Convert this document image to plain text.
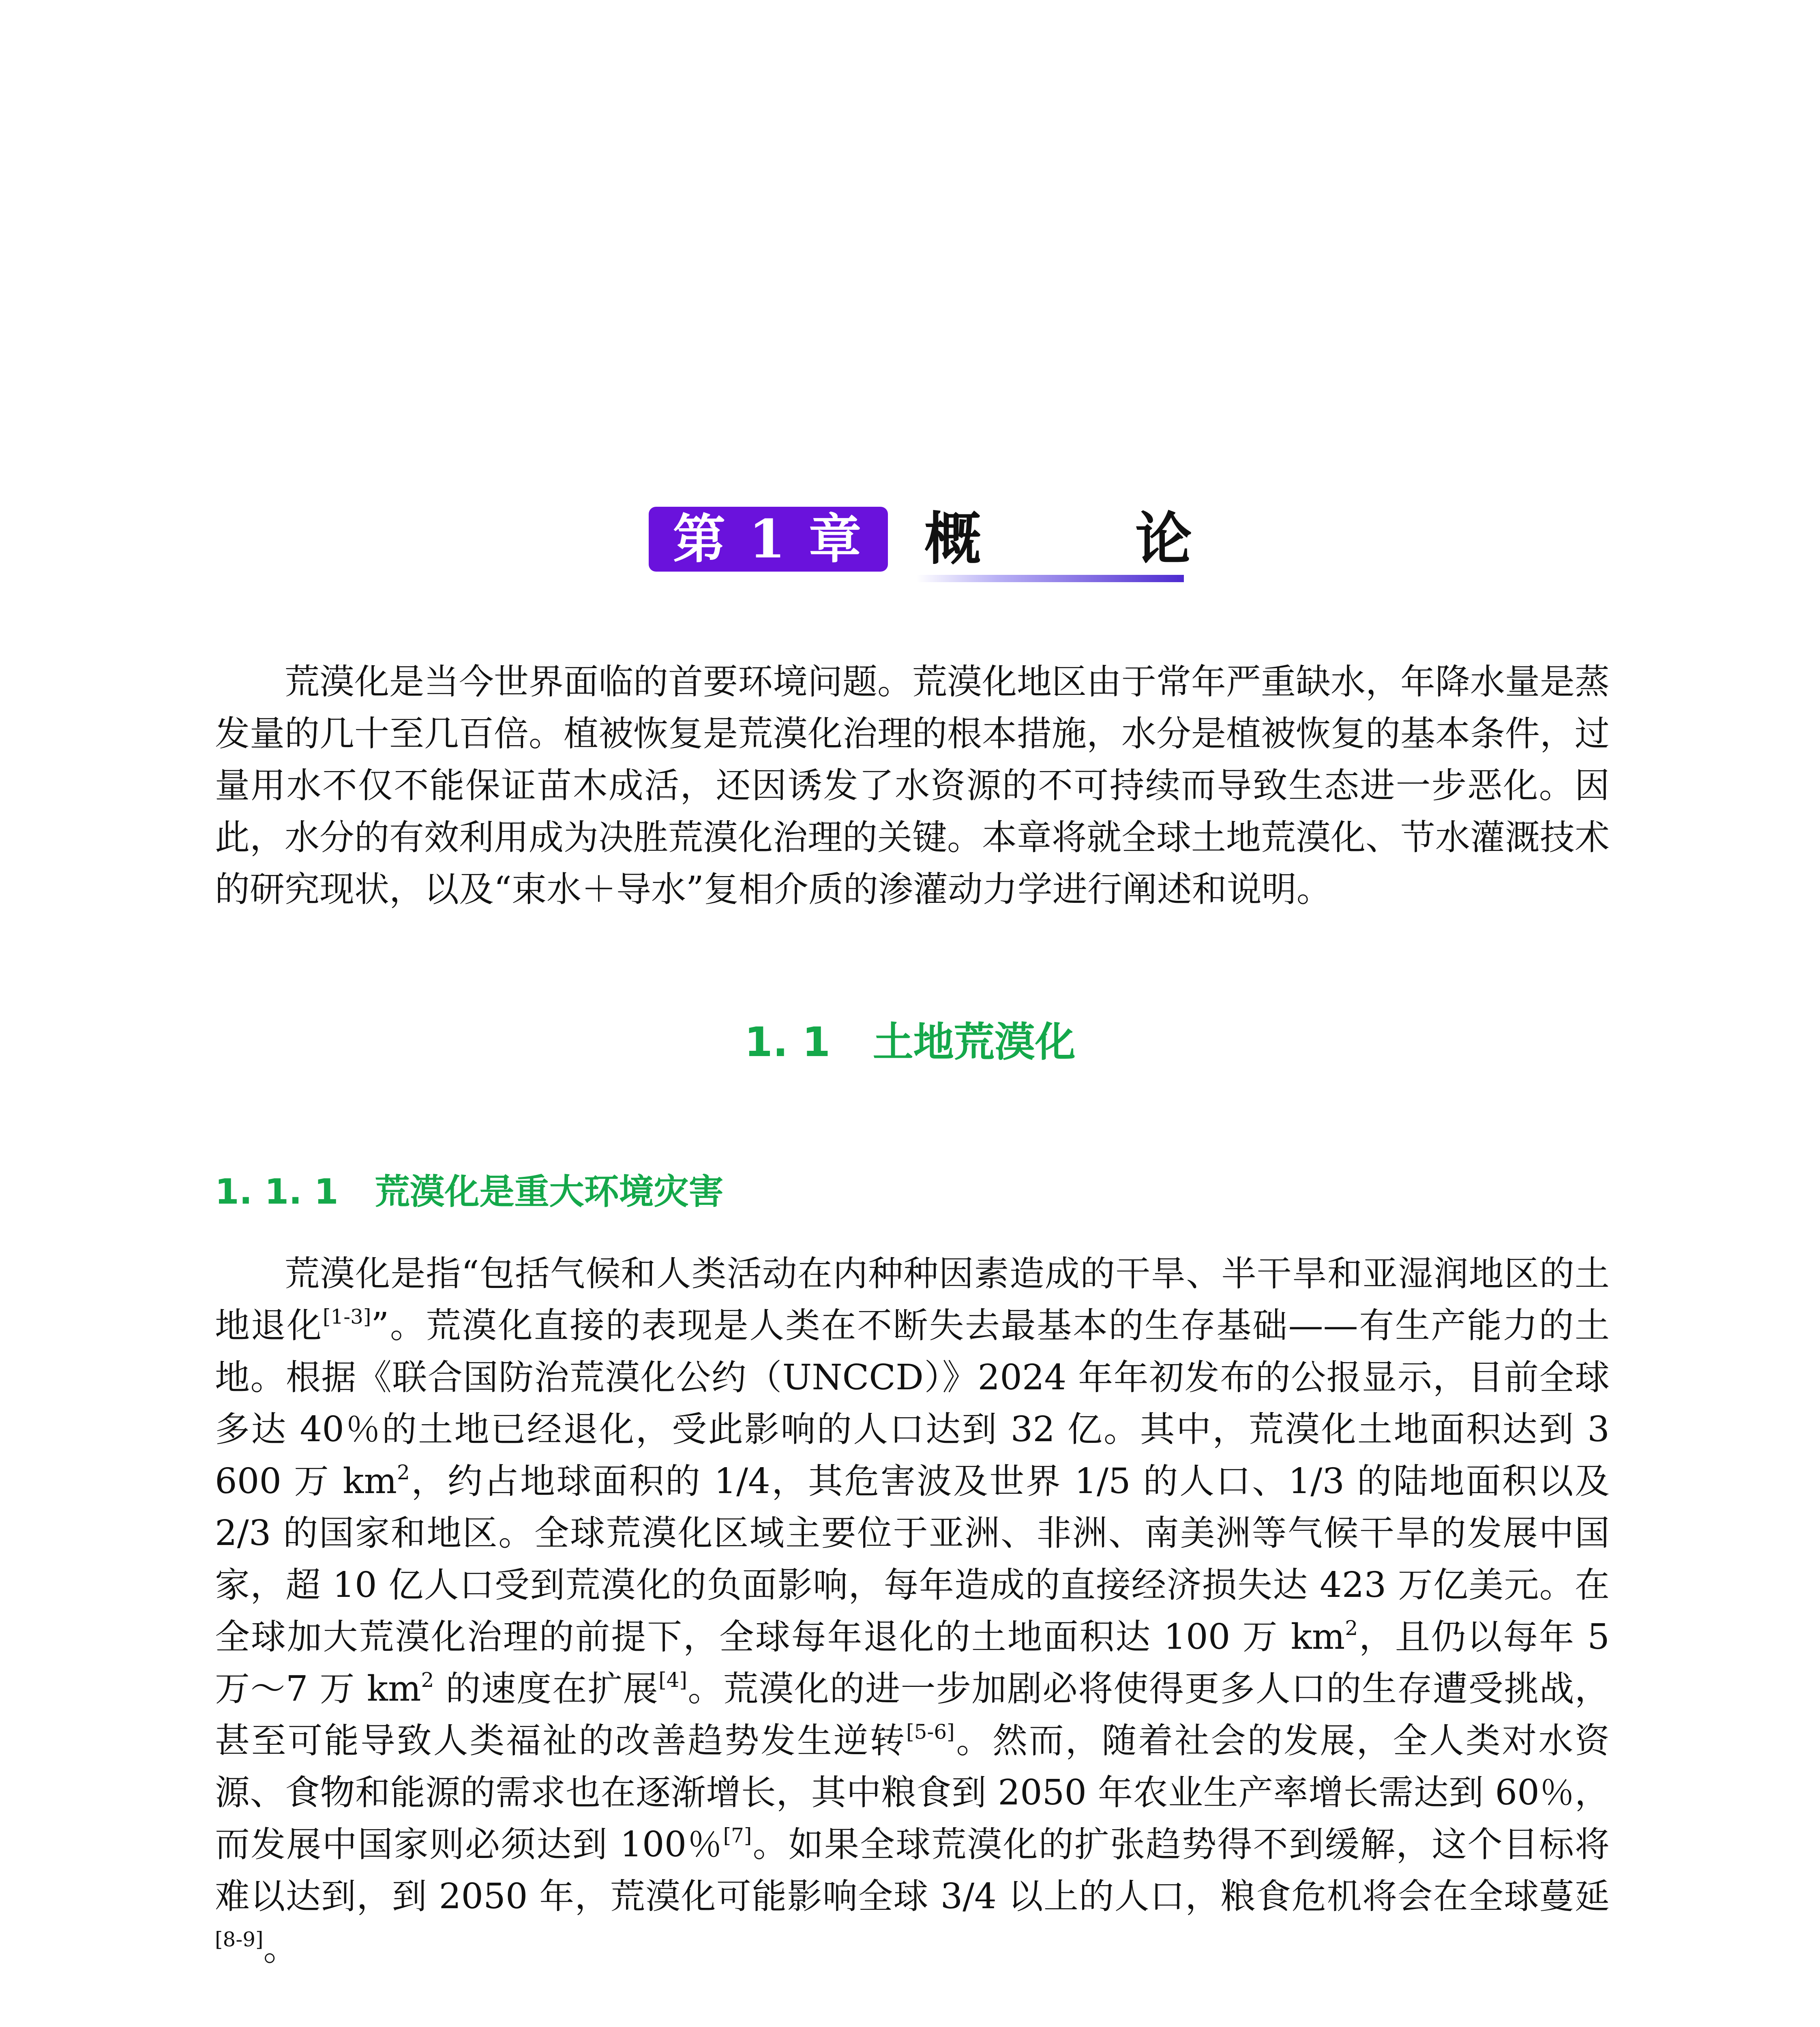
第 1 章	概论

荒漠化是当今世界面临的首要环境问题。荒漠化地区由于常年严重缺水，年降水量是蒸发量的几十至几百倍。植被恢复是荒漠化治理的根本措施，水分是植被恢复的基本条件，过量用水不仅不能保证苗木成活，还因诱发了水资源的不可持续而导致生态进一步恶化。因此，水分的有效利用成为决胜荒漠化治理的关键。本章将就全球土地荒漠化、节水灌溉技术的研究现状，以及“束水＋导水”复相介质的渗灌动力学进行阐述和说明。

1. 1 土地荒漠化
1. 1. 1 荒漠化是重大环境灾害

荒漠化是指“包括气候和人类活动在内种种因素造成的干旱、半干旱和亚湿润地区的土地退化[1-3]”。荒漠化直接的表现是人类在不断失去最基本的生存基础——有生产能力的土地。根据《联合国防治荒漠化公约（UNCCD）》2024 年年初发布的公报显示，目前全球多达 40％的土地已经退化，受此影响的人口达到 32 亿。其中，荒漠化土地面积达到 3 600 万 $km^2$，约占地球面积的 1/4，其危害波及世界 1/5 的人口、1/3 的陆地面积以及 2/3 的国家和地区。全球荒漠化区域主要位于亚洲、非洲、南美洲等气候干旱的发展中国家，超 10 亿人口受到荒漠化的负面影响，每年造成的直接经济损失达 423 万亿美元。在全球加大荒漠化治理的前提下，全球每年退化的土地面积达 100 万 $km^2$，且仍以每年 5 万～7 万 $km^2$ 的速度在扩展[4]。荒漠化的进一步加剧必将使得更多人口的生存遭受挑战，甚至可能导致人类福祉的改善趋势发生逆转[5-6]。然而，随着社会的发展，全人类对水资源、食物和能源的需求也在逐渐增长，其中粮食到 2050 年农业生产率增长需达到 60％，而发展中国家则必须达到 100％[7]。如果全球荒漠化的扩张趋势得不到缓解，这个目标将难以达到，到 2050 年，荒漠化可能影响全球 3/4 以上的人口，粮食危机将会在全球蔓延[8-9]。
